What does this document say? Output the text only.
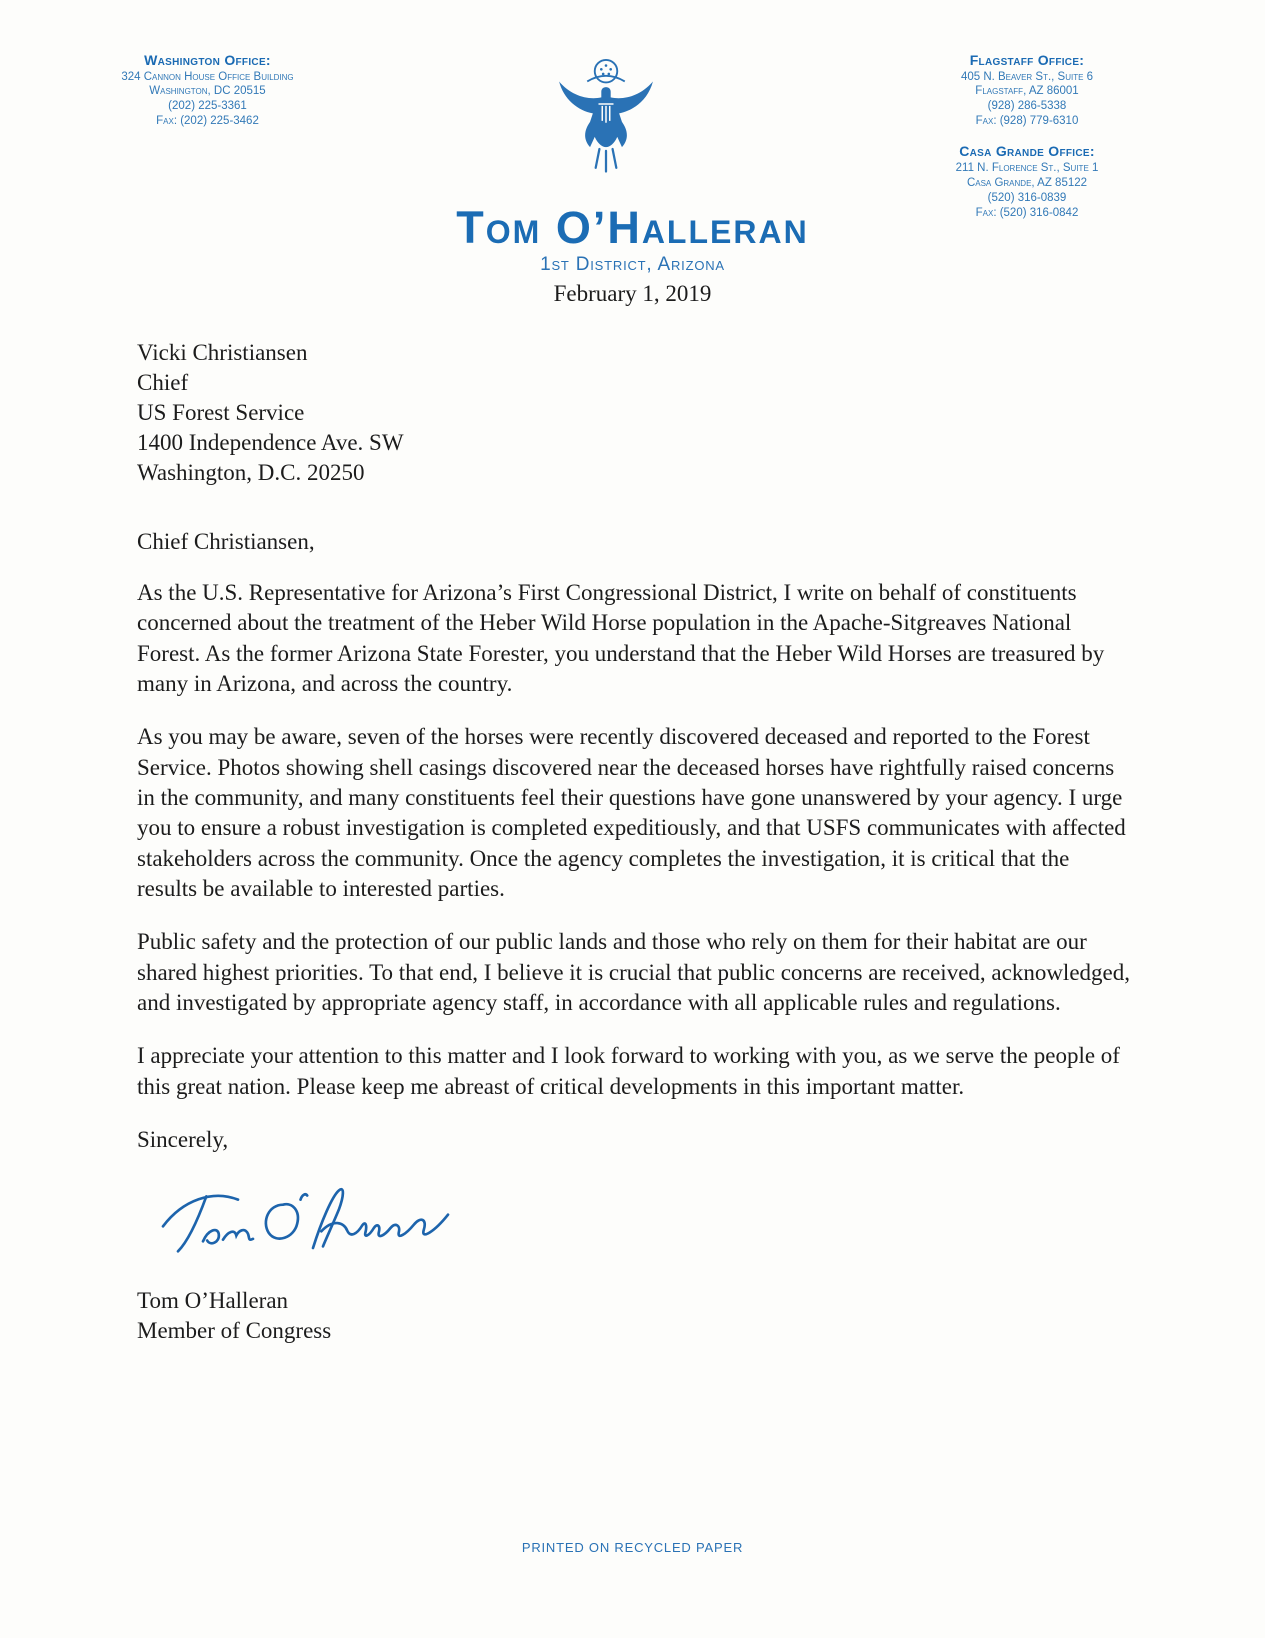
Washington Office:
324 Cannon House Office Building
Washington, DC 20515
(202) 225-3361
Fax: (202) 225-3462
Flagstaff Office:
405 N. Beaver St., Suite 6
Flagstaff, AZ 86001
(928) 286-5338
Fax: (928) 779-6310
Casa Grande Office:
211 N. Florence St., Suite 1
Casa Grande, AZ 85122
(520) 316-0839
Fax: (520) 316-0842
Tom O’Halleran
1st District, Arizona
February 1, 2019
Vicki Christiansen
Chief
US Forest Service
1400 Independence Ave. SW
Washington, D.C. 20250
Chief Christiansen,

As the U.S. Representative for Arizona’s First Congressional District, I write on behalf of constituents concerned about the treatment of the Heber Wild Horse population in the Apache-Sitgreaves National Forest. As the former Arizona State Forester, you understand that the Heber Wild Horses are treasured by many in Arizona, and across the country.

As you may be aware, seven of the horses were recently discovered deceased and reported to the Forest Service. Photos showing shell casings discovered near the deceased horses have rightfully raised concerns in the community, and many constituents feel their questions have gone unanswered by your agency. I urge you to ensure a robust investigation is completed expeditiously, and that USFS communicates with affected stakeholders across the community. Once the agency completes the investigation, it is critical that the results be available to interested parties.

Public safety and the protection of our public lands and those who rely on them for their habitat are our shared highest priorities. To that end, I believe it is crucial that public concerns are received, acknowledged, and investigated by appropriate agency staff, in accordance with all applicable rules and regulations.

I appreciate your attention to this matter and I look forward to working with you, as we serve the people of this great nation. Please keep me abreast of critical developments in this important matter.

Sincerely,
Tom O’Halleran
Member of Congress
PRINTED ON RECYCLED PAPER
